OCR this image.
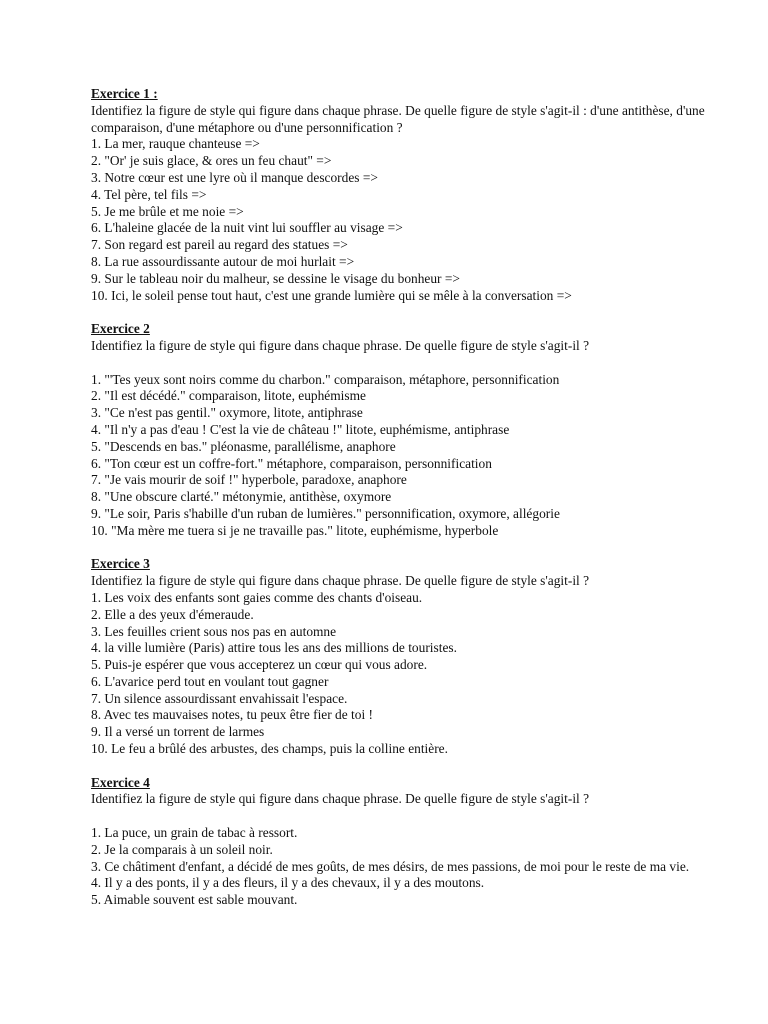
Exercice 1 :
Identifiez la figure de style qui figure dans chaque phrase. De quelle figure de style s'agit-il : d'une antithèse, d'une comparaison, d'une métaphore ou d'une personnification ?
1. La mer, rauque chanteuse =>
2. "Or' je suis glace, & ores un feu chaut" =>
3. Notre cœur est une lyre où il manque descordes =>
4. Tel père, tel fils =>
5. Je me brûle et me noie =>
6. L'haleine glacée de la nuit vint lui souffler au visage =>
7. Son regard est pareil au regard des statues =>
8. La rue assourdissante autour de moi hurlait =>
9. Sur le tableau noir du malheur, se dessine le visage du bonheur =>
10. Ici, le soleil pense tout haut, c'est une grande lumière qui se mêle à la conversation =>
Exercice 2
Identifiez la figure de style qui figure dans chaque phrase. De quelle figure de style s'agit-il ?
1. "'Tes yeux sont noirs comme du charbon." comparaison, métaphore, personnification
2. "Il est décédé." comparaison, litote, euphémisme
3. "Ce n'est pas gentil." oxymore, litote, antiphrase
4. "Il n'y a pas d'eau ! C'est la vie de château !" litote, euphémisme, antiphrase
5. "Descends en bas." pléonasme, parallélisme, anaphore
6. "Ton cœur est un coffre-fort." métaphore, comparaison, personnification
7. "Je vais mourir de soif !" hyperbole, paradoxe, anaphore
8. "Une obscure clarté." métonymie, antithèse, oxymore
9. "Le soir, Paris s'habille d'un ruban de lumières." personnification, oxymore, allégorie
10. "Ma mère me tuera si je ne travaille pas." litote, euphémisme, hyperbole
Exercice 3
Identifiez la figure de style qui figure dans chaque phrase. De quelle figure de style s'agit-il ?
1. Les voix des enfants sont gaies comme des chants d'oiseau.
2. Elle a des yeux d'émeraude.
3. Les feuilles crient sous nos pas en automne
4. la ville lumière (Paris) attire tous les ans des millions de touristes.
5. Puis-je espérer que vous accepterez un cœur qui vous adore.
6. L'avarice perd tout en voulant tout gagner
7. Un silence assourdissant envahissait l'espace.
8. Avec tes mauvaises notes, tu peux être fier de toi !
9. Il a versé un torrent de larmes
10. Le feu a brûlé des arbustes, des champs, puis la colline entière.
Exercice 4
Identifiez la figure de style qui figure dans chaque phrase. De quelle figure de style s'agit-il ?
1. La puce, un grain de tabac à ressort.
2. Je la comparais à un soleil noir.
3. Ce châtiment d'enfant, a décidé de mes goûts, de mes désirs, de mes passions, de moi pour le reste de ma vie.
4. Il y a des ponts, il y a des fleurs, il y a des chevaux, il y a des moutons.
5. Aimable souvent est sable mouvant.
